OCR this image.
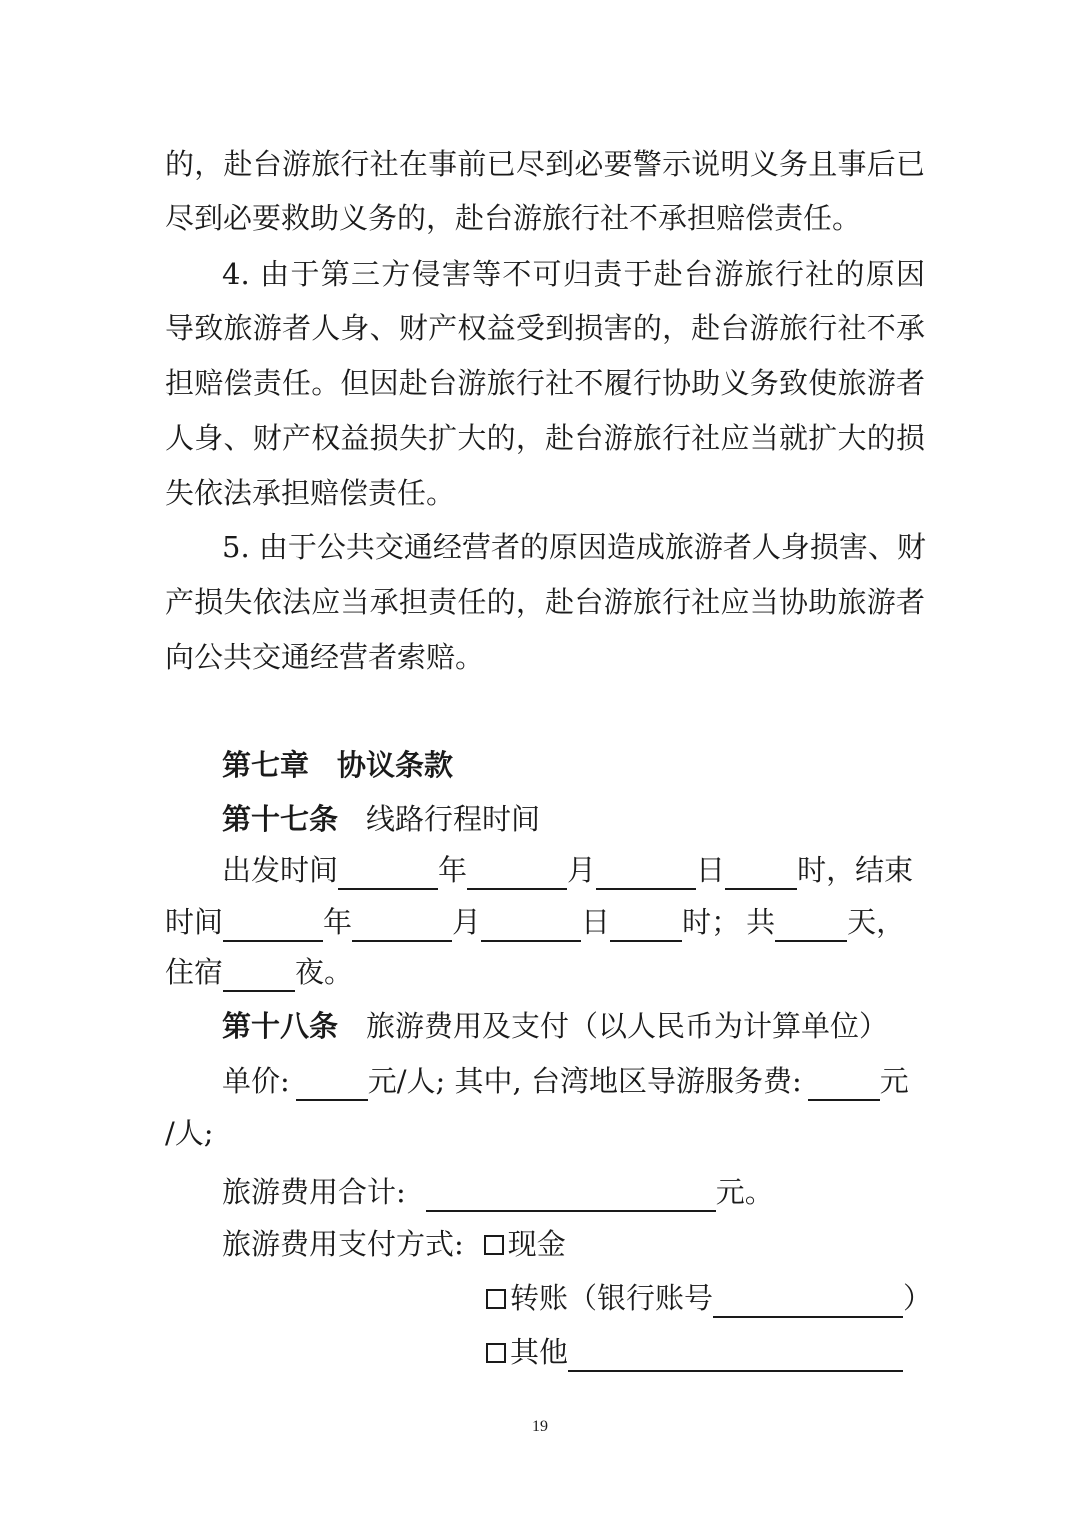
的，赴台游旅行社在事前已尽到必要警示说明义务且事后已
尽到必要救助义务的，赴台游旅行社不承担赔偿责任。
4. 由于第三方侵害等不可归责于赴台游旅行社的原因
导致旅游者人身、财产权益受到损害的，赴台游旅行社不承
担赔偿责任。但因赴台游旅行社不履行协助义务致使旅游者
人身、财产权益损失扩大的，赴台游旅行社应当就扩大的损
失依法承担赔偿责任。
5. 由于公共交通经营者的原因造成旅游者人身损害、财
产损失依法应当承担责任的，赴台游旅行社应当协助旅游者
向公共交通经营者索赔。
第七章 协议条款
第十七条 线路行程时间
出发时间	年	月	日 时，结束
时间	年	月	日 时； 共 天，
住宿 夜。
第十八条 旅游费用及支付（以人民币为计算单位）
单价:	元/人; 其中, 台湾地区导游服务费:	元
/人;
旅游费用合计:	元。
旅游费用支付方式: 现金
转账（银行账号	）
其他
19
